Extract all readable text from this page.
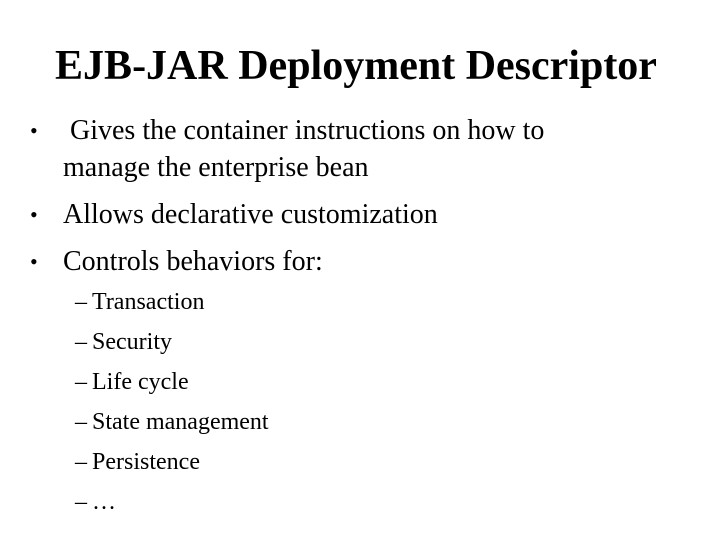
EJB-JAR Deployment Descriptor
• Gives the container instructions on how to manage the enterprise bean
• Allows declarative customization
• Controls behaviors for:
– Transaction
– Security
– Life cycle
– State management
– Persistence
– …
